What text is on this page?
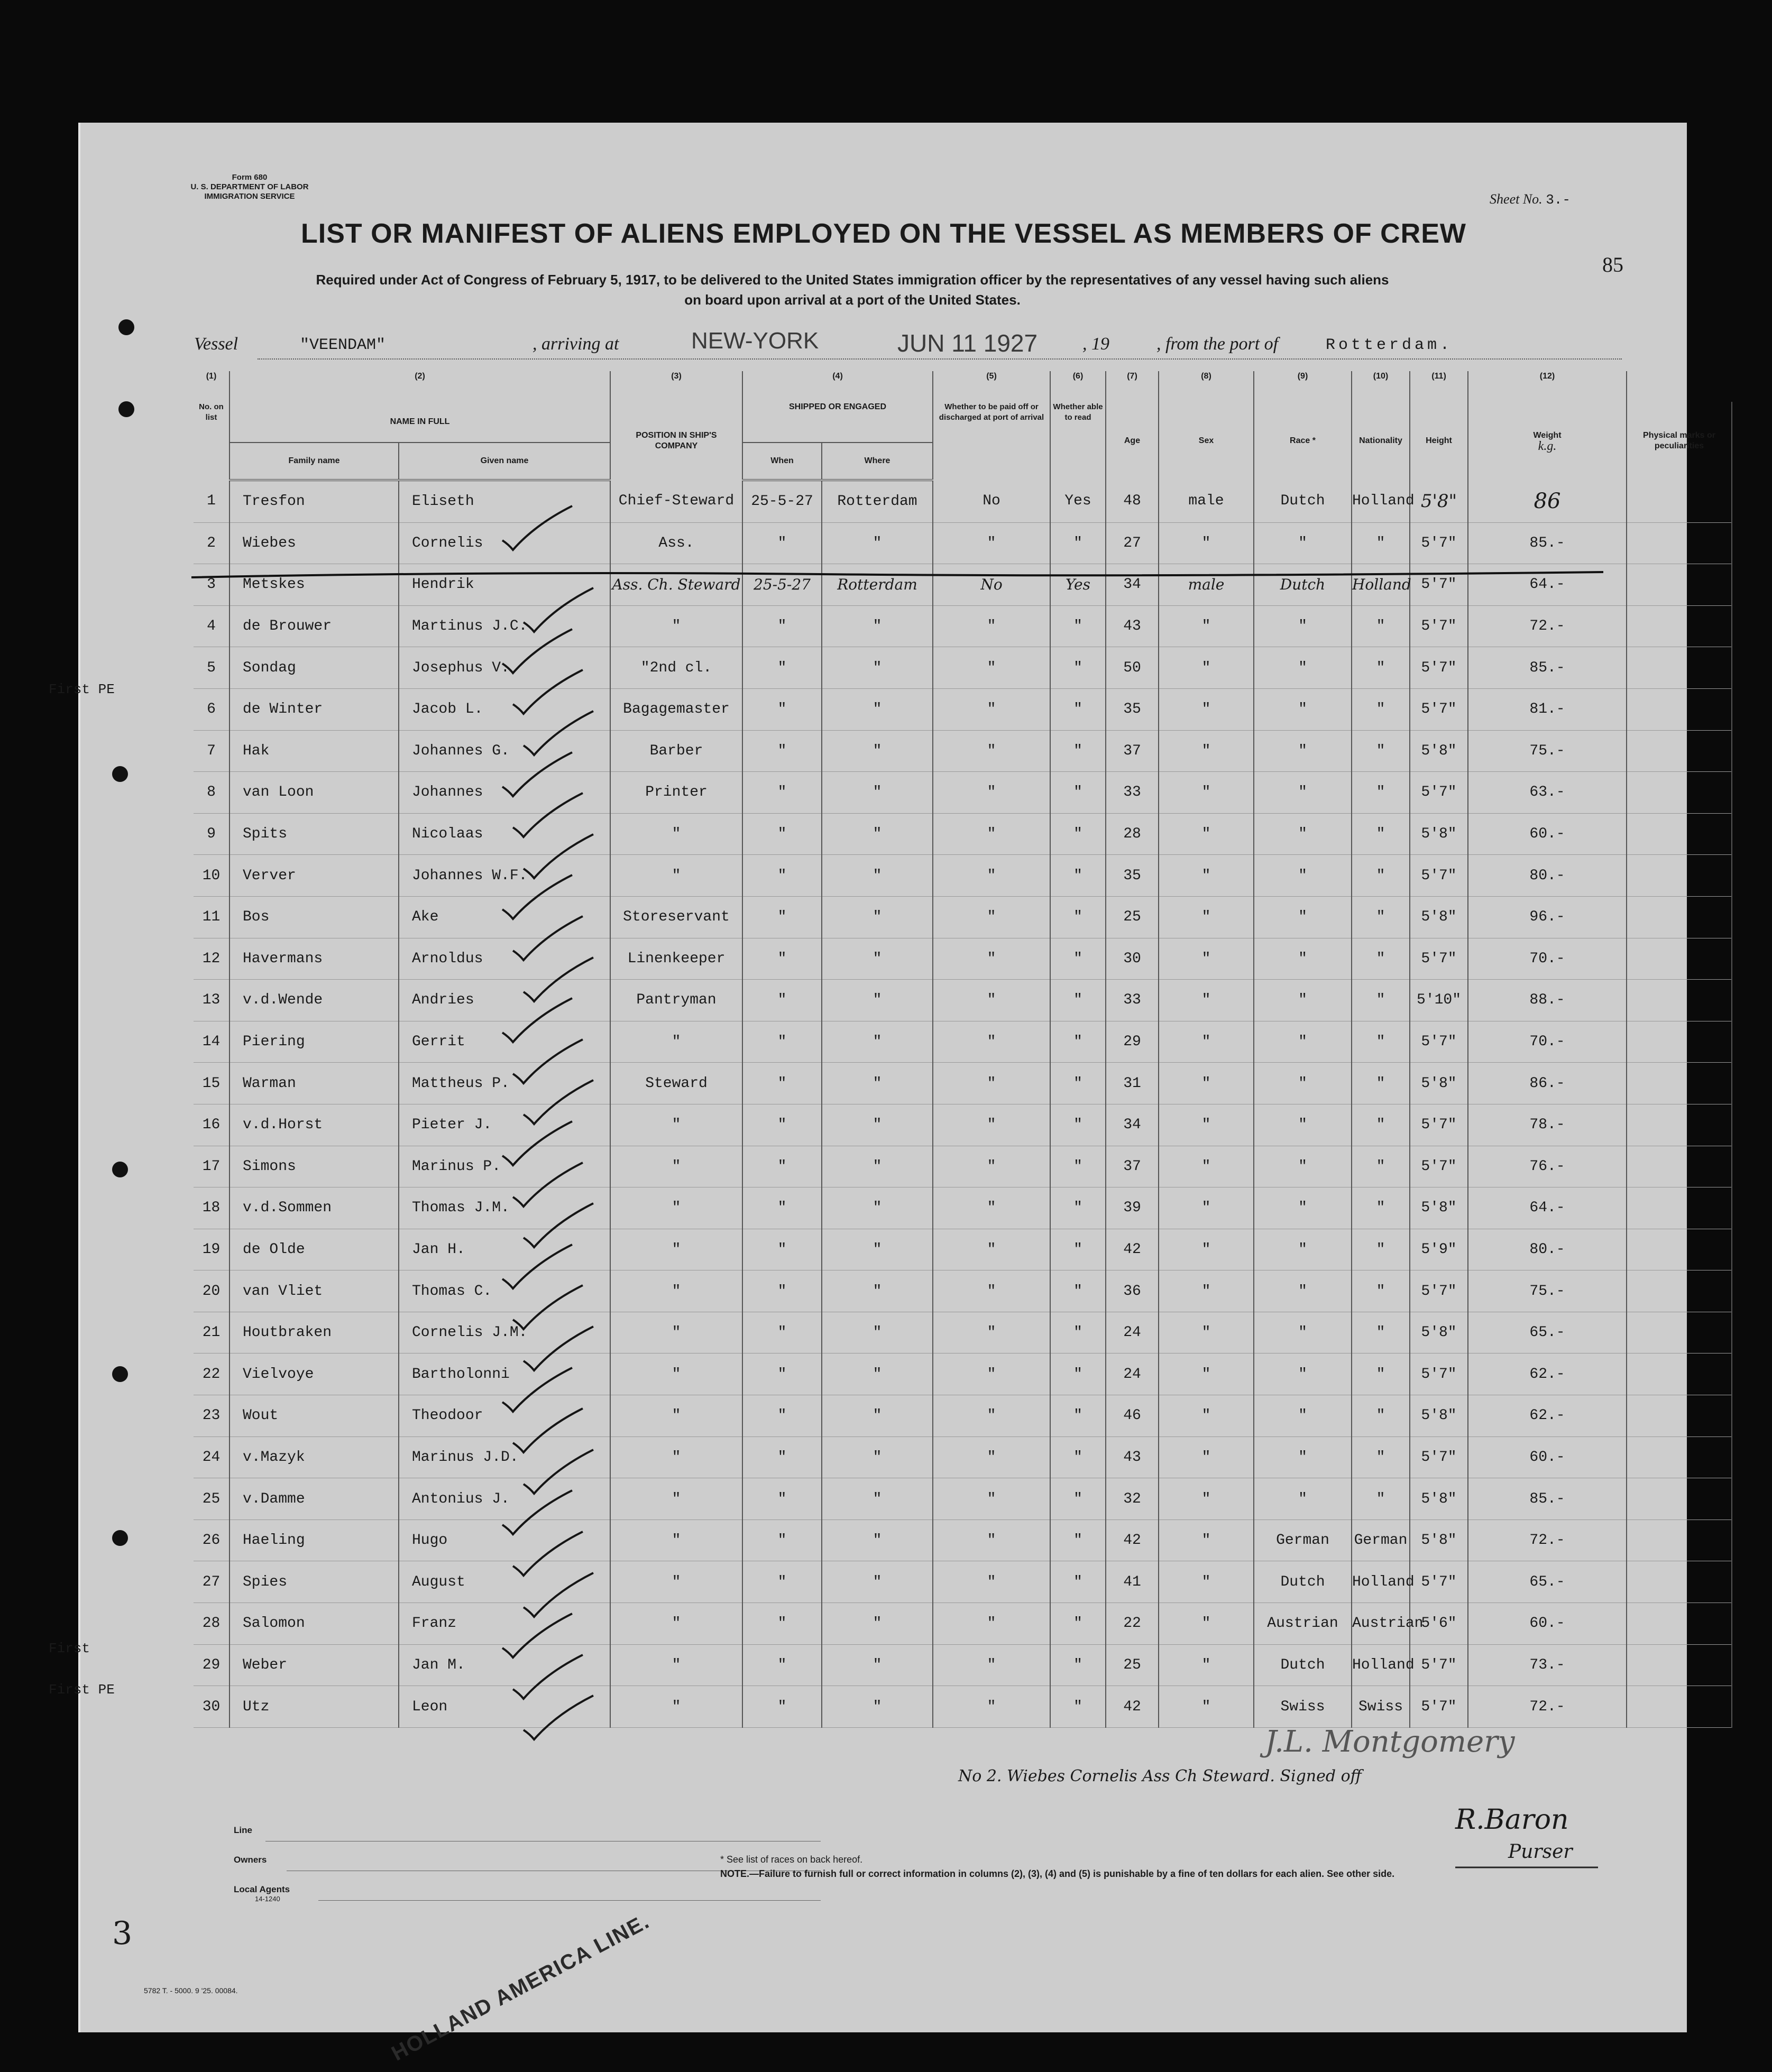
Form 680
U. S. DEPARTMENT OF LABOR
IMMIGRATION SERVICE	Sheet No. 3.-
LIST OR MANIFEST OF ALIENS EMPLOYED ON THE VESSEL AS MEMBERS OF CREW
85
Required under Act of Congress of February 5, 1917, to be delivered to the United States immigration officer by the representatives of any vessel having such aliens
on board upon arrival at a port of the United States.
Vessel	"VEENDAM"	, arriving at	NEW-YORK	JUN 11 1927 , 19	, from the port of	Rotterdam.
(1)	(2)		(3)	(4)		(5)	(6)	(7)	(8)	(9)	(10)	(11)	(12)	
No. on list	NAME IN FULL		POSITION IN SHIP'S COMPANY	SHIPPED OR ENGAGED		Whether to be paid off or discharged at port of arrival	Whether able to read	Age	Sex	Race *	Nationality	Height	Weight
k.g.	Physical marks or peculiarities
	Family name	Given name		When	Where									
1	Tresfon	Eliseth	Chief-Steward	25-5-27	Rotterdam	No	Yes	48	male	Dutch	Holland	5'8"	86	
2	Wiebes	Cornelis	Ass.	"	"	"	"	27	"	"	"	5'7"	85.-	
3	Metskes	Hendrik	Ass. Ch. Steward	25-5-27	Rotterdam	No	Yes	34	male	Dutch	Holland	5'7"	64.-	
4	de Brouwer	Martinus J.C.	"	"	"	"	"	43	"	"	"	5'7"	72.-	
5	Sondag	Josephus V.	"2nd cl.	"	"	"	"	50	"	"	"	5'7"	85.-	
6	de Winter	Jacob L.	Bagagemaster	"	"	"	"	35	"	"	"	5'7"	81.-	
7	Hak	Johannes G.	Barber	"	"	"	"	37	"	"	"	5'8"	75.-	
8	van Loon	Johannes	Printer	"	"	"	"	33	"	"	"	5'7"	63.-	
9	Spits	Nicolaas	"	"	"	"	"	28	"	"	"	5'8"	60.-	
10	Verver	Johannes W.F.	"	"	"	"	"	35	"	"	"	5'7"	80.-	
11	Bos	Ake	Storeservant	"	"	"	"	25	"	"	"	5'8"	96.-	
12	Havermans	Arnoldus	Linenkeeper	"	"	"	"	30	"	"	"	5'7"	70.-	
13	v.d.Wende	Andries	Pantryman	"	"	"	"	33	"	"	"	5'10"	88.-	
14	Piering	Gerrit	"	"	"	"	"	29	"	"	"	5'7"	70.-	
15	Warman	Mattheus P.	Steward	"	"	"	"	31	"	"	"	5'8"	86.-	
16	v.d.Horst	Pieter J.	"	"	"	"	"	34	"	"	"	5'7"	78.-	
17	Simons	Marinus P.	"	"	"	"	"	37	"	"	"	5'7"	76.-	
18	v.d.Sommen	Thomas J.M.	"	"	"	"	"	39	"	"	"	5'8"	64.-	
19	de Olde	Jan H.	"	"	"	"	"	42	"	"	"	5'9"	80.-	
20	van Vliet	Thomas C.	"	"	"	"	"	36	"	"	"	5'7"	75.-	
21	Houtbraken	Cornelis J.M.	"	"	"	"	"	24	"	"	"	5'8"	65.-	
22	Vielvoye	Bartholonni	"	"	"	"	"	24	"	"	"	5'7"	62.-	
23	Wout	Theodoor	"	"	"	"	"	46	"	"	"	5'8"	62.-	
24	v.Mazyk	Marinus J.D.	"	"	"	"	"	43	"	"	"	5'7"	60.-	
25	v.Damme	Antonius J.	"	"	"	"	"	32	"	"	"	5'8"	85.-	
26	Haeling	Hugo	"	"	"	"	"	42	"	German	German	5'8"	72.-	
27	Spies	August	"	"	"	"	"	41	"	Dutch	Holland	5'7"	65.-	
28	Salomon	Franz	"	"	"	"	"	22	"	Austrian	Austrian	5'6"	60.-	
29	Weber	Jan M.	"	"	"	"	"	25	"	Dutch	Holland	5'7"	73.-	
30	Utz	Leon	"	"	"	"	"	42	"	Swiss	Swiss	5'7"	72.-	
First PE
First
First PE
No 2. Wiebes Cornelis Ass Ch Steward. Signed off
J.L. Montgomery
R.Baron
Purser
Line
Owners
Local Agents
14-1240
HOLLAND AMERICA LINE.
* See list of races on back hereof.
NOTE.—Failure to furnish full or correct information in columns (2), (3), (4) and (5) is punishable by a fine of ten dollars for each alien. See other side.
5782 T. - 5000. 9 '25. 00084.
3
